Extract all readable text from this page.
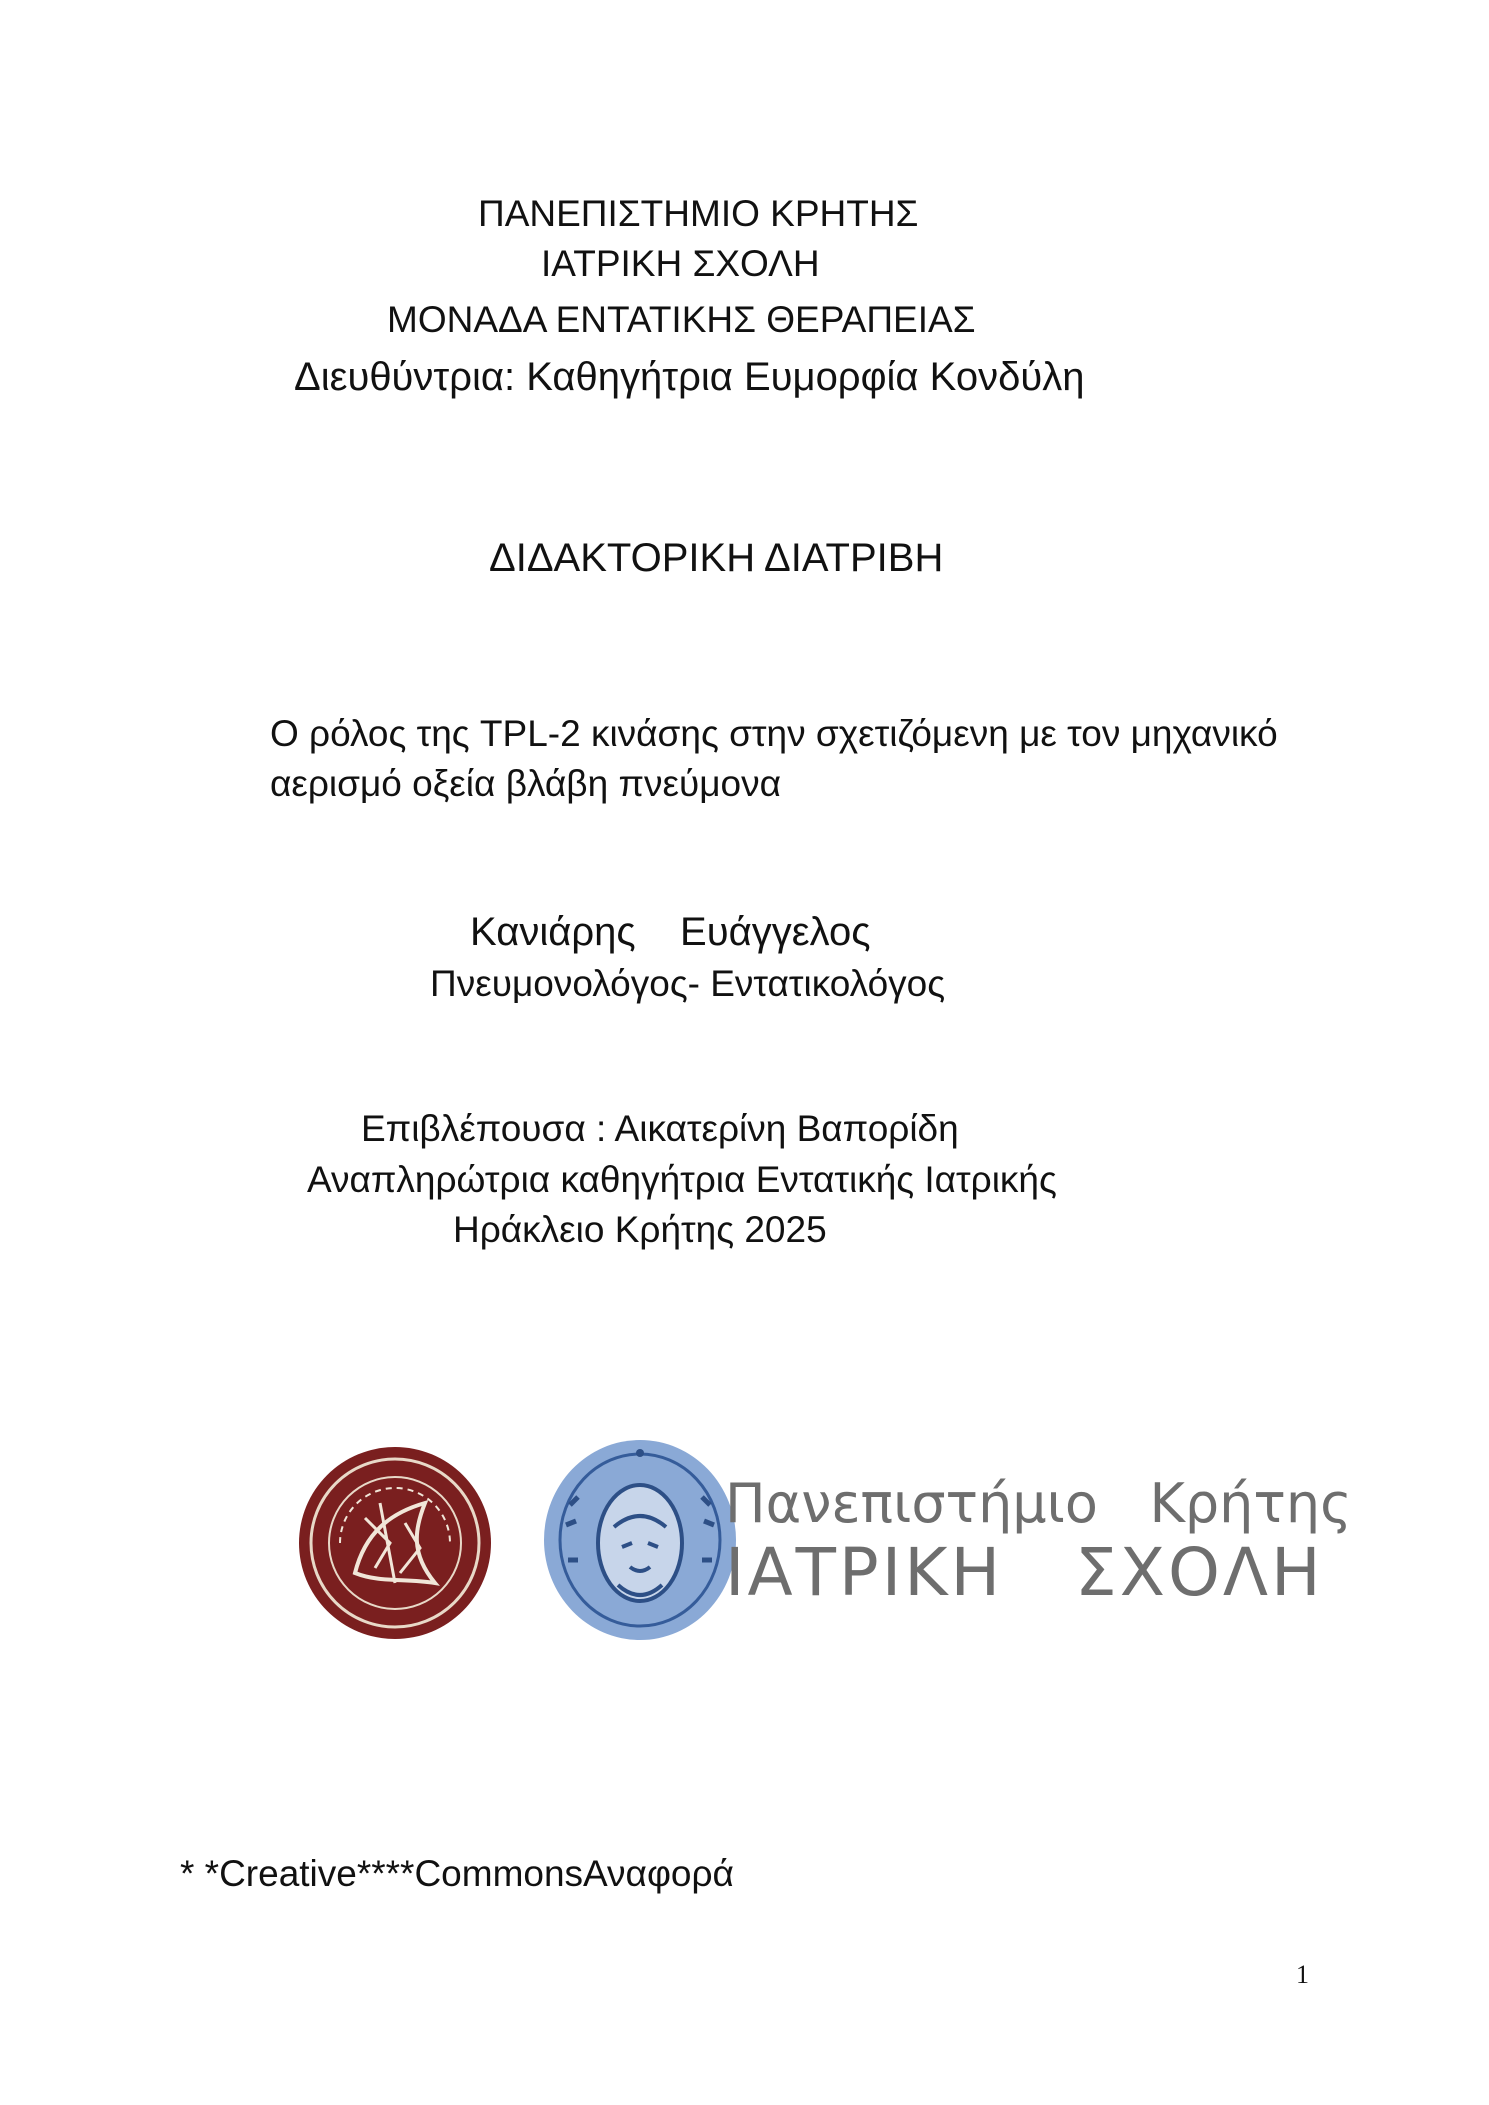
ΠΑΝΕΠΙΣΤΗΜΙΟ ΚΡΗΤΗΣ
ΙΑΤΡΙΚΗ ΣΧΟΛΗ
ΜΟΝΑΔΑ ΕΝΤΑΤΙΚΗΣ ΘΕΡΑΠΕΙΑΣ
Διευθύντρια: Καθηγήτρια Ευμορφία Κονδύλη
ΔΙΔΑΚΤΟΡΙΚΗ ΔΙΑΤΡΙΒΗ
Ο ρόλος της TPL-2 κινάσης στην σχετιζόμενη με τον μηχανικό
αερισμό οξεία βλάβη πνεύμονα
Κανιάρης    Ευάγγελος
Πνευμονολόγος- Εντατικολόγος
Επιβλέπουσα : Αικατερίνη Βαπορίδη
Αναπληρώτρια καθηγήτρια Εντατικής Ιατρικής
Ηράκλειο Κρήτης 2025
Πανεπιστήμιο   Κρήτης
ΙΑΤΡΙΚΗ   ΣΧΟΛΗ
* *Creative****CommonsΑναφορά
1
